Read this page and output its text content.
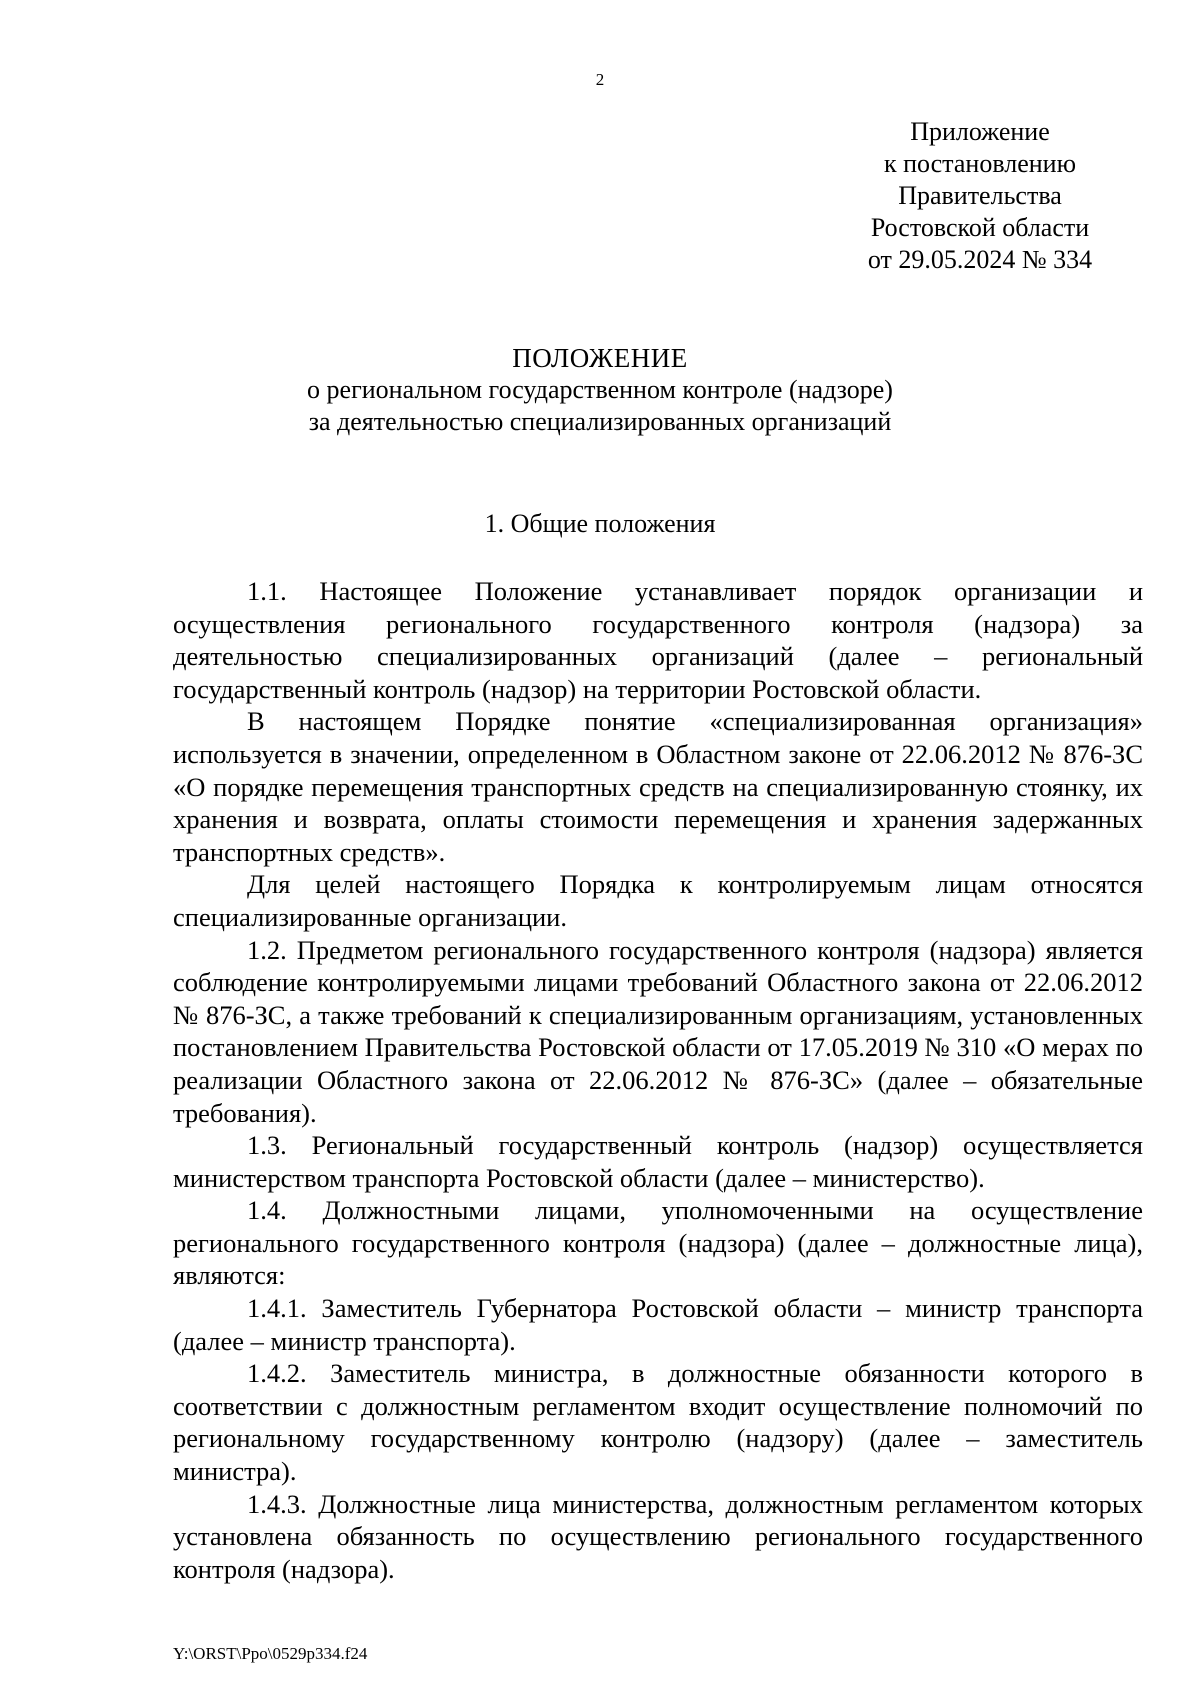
2
Приложение
к постановлению
Правительства
Ростовской области
от 29.05.2024 № 334
ПОЛОЖЕНИЕ
о региональном государственном контроле (надзоре)
за деятельностью специализированных организаций
1. Общие положения

1.1. Настоящее Положение устанавливает порядок организации и осуществления регионального государственного контроля (надзора) за деятельностью специализированных организаций (далее – региональный государственный контроль (надзор) на территории Ростовской области.

В настоящем Порядке понятие «специализированная организация» используется в значении, определенном в Областном законе от 22.06.2012 № 876-ЗС «О порядке перемещения транспортных средств на специализированную стоянку, их хранения и возврата, оплаты стоимости перемещения и хранения задержанных транспортных средств».

Для целей настоящего Порядка к контролируемым лицам относятся специализированные организации.

1.2. Предметом регионального государственного контроля (надзора) является соблюдение контролируемыми лицами требований Областного закона от 22.06.2012 № 876-ЗС, а также требований к специализированным организациям, установленных постановлением Правительства Ростовской области от 17.05.2019 № 310 «О мерах по реализации Областного закона от 22.06.2012 № 876-ЗС» (далее – обязательные требования).

1.3. Региональный государственный контроль (надзор) осуществляется министерством транспорта Ростовской области (далее – министерство).

1.4. Должностными лицами, уполномоченными на осуществление регионального государственного контроля (надзора) (далее – должностные лица), являются:

1.4.1. Заместитель Губернатора Ростовской области – министр транспорта (далее – министр транспорта).

1.4.2. Заместитель министра, в должностные обязанности которого в соответствии с должностным регламентом входит осуществление полномочий по региональному государственному контролю (надзору) (далее – заместитель министра).

1.4.3. Должностные лица министерства, должностным регламентом которых установлена обязанность по осуществлению регионального государственного контроля (надзора).

Y:\ORST\Ppo\0529p334.f24
